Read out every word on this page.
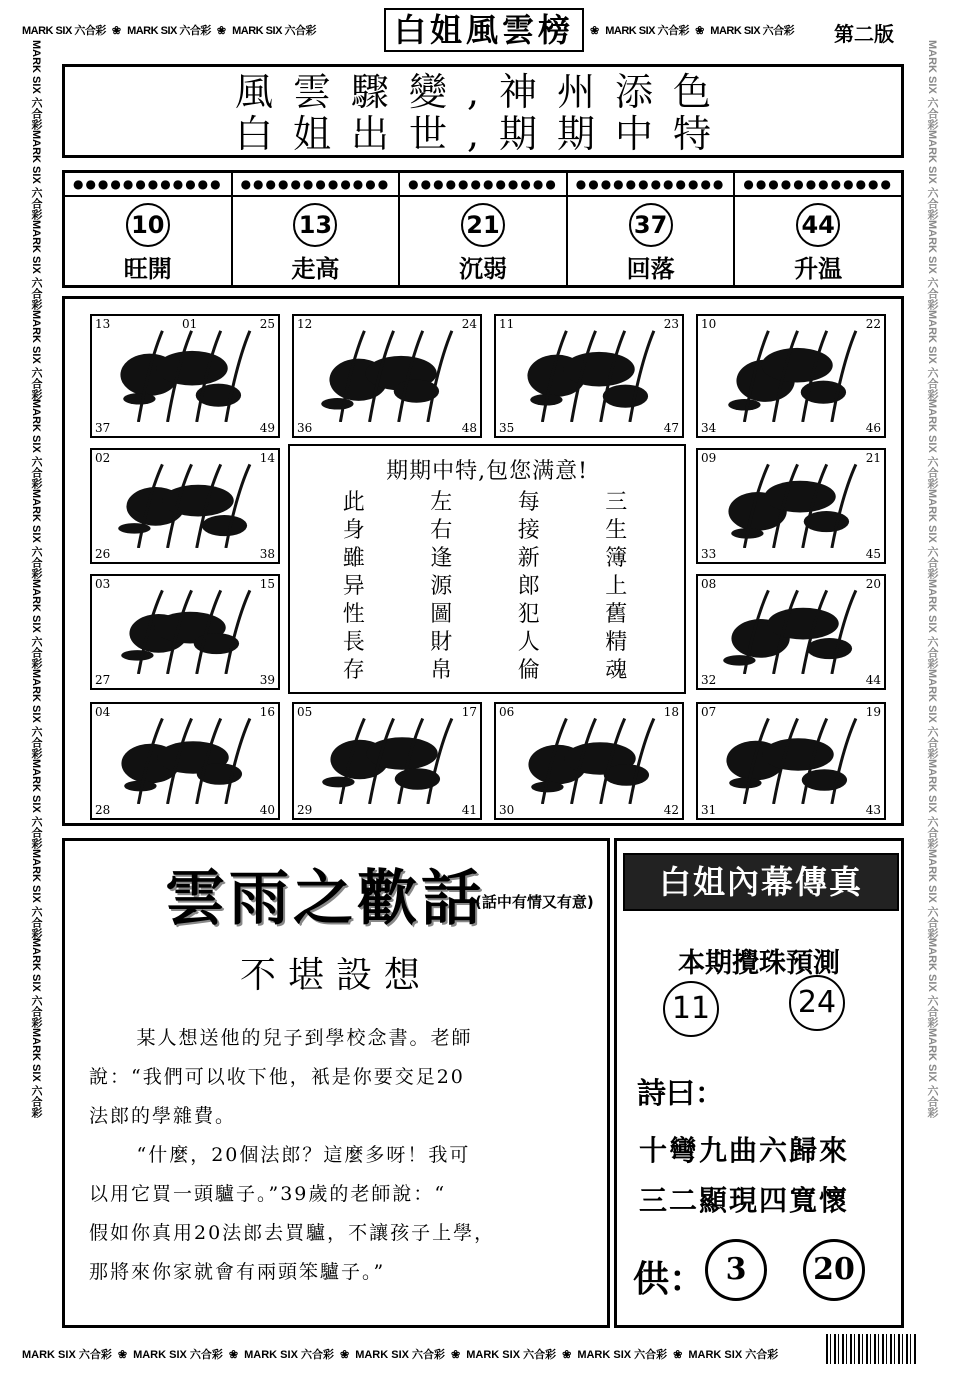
MARK SIX 六合彩 ❀ MARK SIX 六合彩 ❀ MARK SIX 六合彩	❀ MARK SIX 六合彩 ❀ MARK SIX 六合彩
白姐風雲榜	第二版
MARK SIX 六合彩
MARK SIX 六合彩
MARK SIX 六合彩
MARK SIX 六合彩
MARK SIX 六合彩
MARK SIX 六合彩
MARK SIX 六合彩
MARK SIX 六合彩
MARK SIX 六合彩
MARK SIX 六合彩
MARK SIX 六合彩
MARK SIX 六合彩
MARK SIX 六合彩
MARK SIX 六合彩
MARK SIX 六合彩
MARK SIX 六合彩
MARK SIX 六合彩
MARK SIX 六合彩
MARK SIX 六合彩
MARK SIX 六合彩
MARK SIX 六合彩
MARK SIX 六合彩
MARK SIX 六合彩
MARK SIX 六合彩
風雲驟變,神州添色
白姐出世,期期中特
●●●●●●●●●●●●
10
旺開
●●●●●●●●●●●●
13
走高
●●●●●●●●●●●●
21
沉弱
●●●●●●●●●●●●
37
回落
●●●●●●●●●●●●
44
升温
13	25
37	49
01	12	24
36	48
11	23
35	47
10	22
34	46
02	14
26	38
09	21
33	45
03	15
27	39
08	20
32	44
04	16
28	40
05	17
29	41
06	18
30	42
07	19
31	43
期期中特,包您满意!
此	左	每	三
身	右	接	生
雖	逢	新	簿
异	源	郎	上
性	圖	犯	舊
長	財	人	精
存	帛	倫	魂
雲雨之歡話
(話中有情又有意)
不堪設想

某人想送他的兒子到學校念書。老師

說：“我們可以收下他，衹是你要交足20

法郎的學雜費。

“什麼，20個法郎？這麼多呀！我可

以用它買一頭驢子。”39歲的老師說：“

假如你真用20法郎去買驢，不讓孩子上學，

那將來你家就會有兩頭笨驢子。”

白姐內幕傳真
本期攪珠預測
11	24
詩曰：
十彎九曲六歸來
三二顯現四寬懷
供： 3	20
MARK SIX 六合彩 ❀ MARK SIX 六合彩 ❀ MARK SIX 六合彩 ❀ MARK SIX 六合彩 ❀ MARK SIX 六合彩 ❀ MARK SIX 六合彩 ❀ MARK SIX 六合彩
